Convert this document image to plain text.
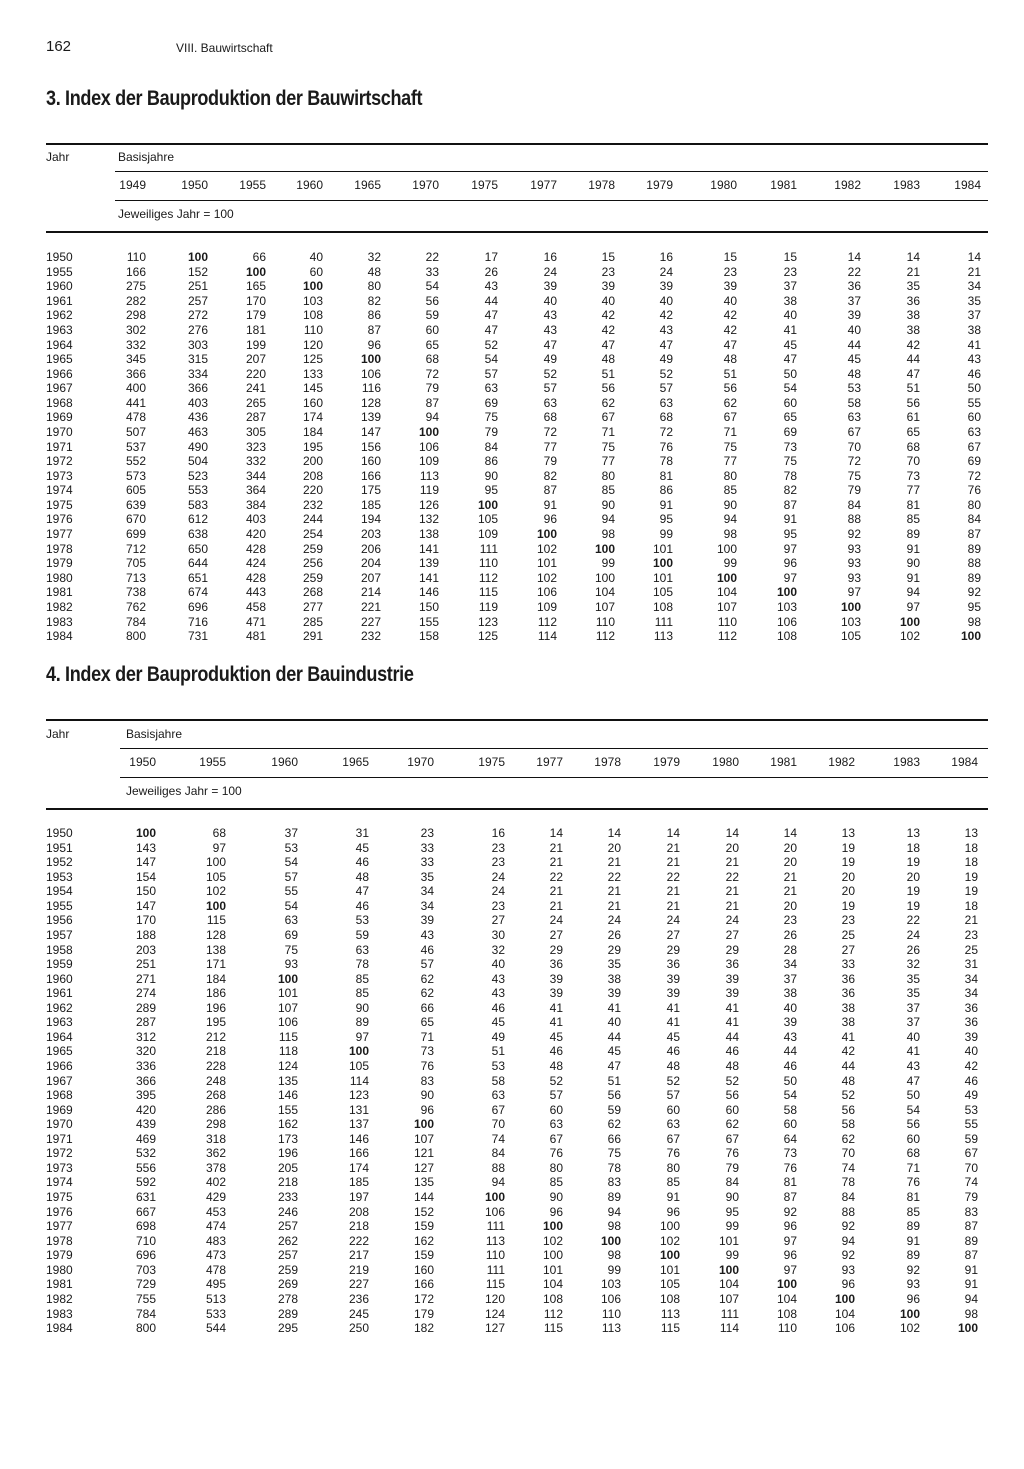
162	VIII. Bauwirtschaft
3. Index der Bauproduktion der Bauwirtschaft
Jahr	Basisjahre
Jeweiliges Jahr = 100
1949	1950	1955	1960	1965	1970	1975	1977	1978	1979	1980	1981	1982	1983	1984
1950	110	100	66	40	32	22	17	16	15	16	15	15	14	14	14
1955	166	152	100	60	48	33	26	24	23	24	23	23	22	21	21
1960	275	251	165	100	80	54	43	39	39	39	39	37	36	35	34
1961	282	257	170	103	82	56	44	40	40	40	40	38	37	36	35
1962	298	272	179	108	86	59	47	43	42	42	42	40	39	38	37
1963	302	276	181	110	87	60	47	43	42	43	42	41	40	38	38
1964	332	303	199	120	96	65	52	47	47	47	47	45	44	42	41
1965	345	315	207	125	100	68	54	49	48	49	48	47	45	44	43
1966	366	334	220	133	106	72	57	52	51	52	51	50	48	47	46
1967	400	366	241	145	116	79	63	57	56	57	56	54	53	51	50
1968	441	403	265	160	128	87	69	63	62	63	62	60	58	56	55
1969	478	436	287	174	139	94	75	68	67	68	67	65	63	61	60
1970	507	463	305	184	147	100	79	72	71	72	71	69	67	65	63
1971	537	490	323	195	156	106	84	77	75	76	75	73	70	68	67
1972	552	504	332	200	160	109	86	79	77	78	77	75	72	70	69
1973	573	523	344	208	166	113	90	82	80	81	80	78	75	73	72
1974	605	553	364	220	175	119	95	87	85	86	85	82	79	77	76
1975	639	583	384	232	185	126	100	91	90	91	90	87	84	81	80
1976	670	612	403	244	194	132	105	96	94	95	94	91	88	85	84
1977	699	638	420	254	203	138	109	100	98	99	98	95	92	89	87
1978	712	650	428	259	206	141	111	102	100	101	100	97	93	91	89
1979	705	644	424	256	204	139	110	101	99	100	99	96	93	90	88
1980	713	651	428	259	207	141	112	102	100	101	100	97	93	91	89
1981	738	674	443	268	214	146	115	106	104	105	104	100	97	94	92
1982	762	696	458	277	221	150	119	109	107	108	107	103	100	97	95
1983	784	716	471	285	227	155	123	112	110	111	110	106	103	100	98
1984	800	731	481	291	232	158	125	114	112	113	112	108	105	102	100
4. Index der Bauproduktion der Bauindustrie
Jahr	Basisjahre
Jeweiliges Jahr = 100
1950	1955	1960	1965	1970	1975	1977	1978	1979	1980	1981	1982	1983	1984
1950	100	68	37	31	23	16	14	14	14	14	14	13	13	13
1951	143	97	53	45	33	23	21	20	21	20	20	19	18	18
1952	147	100	54	46	33	23	21	21	21	21	20	19	19	18
1953	154	105	57	48	35	24	22	22	22	22	21	20	20	19
1954	150	102	55	47	34	24	21	21	21	21	21	20	19	19
1955	147	100	54	46	34	23	21	21	21	21	20	19	19	18
1956	170	115	63	53	39	27	24	24	24	24	23	23	22	21
1957	188	128	69	59	43	30	27	26	27	27	26	25	24	23
1958	203	138	75	63	46	32	29	29	29	29	28	27	26	25
1959	251	171	93	78	57	40	36	35	36	36	34	33	32	31
1960	271	184	100	85	62	43	39	38	39	39	37	36	35	34
1961	274	186	101	85	62	43	39	39	39	39	38	36	35	34
1962	289	196	107	90	66	46	41	41	41	41	40	38	37	36
1963	287	195	106	89	65	45	41	40	41	41	39	38	37	36
1964	312	212	115	97	71	49	45	44	45	44	43	41	40	39
1965	320	218	118	100	73	51	46	45	46	46	44	42	41	40
1966	336	228	124	105	76	53	48	47	48	48	46	44	43	42
1967	366	248	135	114	83	58	52	51	52	52	50	48	47	46
1968	395	268	146	123	90	63	57	56	57	56	54	52	50	49
1969	420	286	155	131	96	67	60	59	60	60	58	56	54	53
1970	439	298	162	137	100	70	63	62	63	62	60	58	56	55
1971	469	318	173	146	107	74	67	66	67	67	64	62	60	59
1972	532	362	196	166	121	84	76	75	76	76	73	70	68	67
1973	556	378	205	174	127	88	80	78	80	79	76	74	71	70
1974	592	402	218	185	135	94	85	83	85	84	81	78	76	74
1975	631	429	233	197	144	100	90	89	91	90	87	84	81	79
1976	667	453	246	208	152	106	96	94	96	95	92	88	85	83
1977	698	474	257	218	159	111	100	98	100	99	96	92	89	87
1978	710	483	262	222	162	113	102	100	102	101	97	94	91	89
1979	696	473	257	217	159	110	100	98	100	99	96	92	89	87
1980	703	478	259	219	160	111	101	99	101	100	97	93	92	91
1981	729	495	269	227	166	115	104	103	105	104	100	96	93	91
1982	755	513	278	236	172	120	108	106	108	107	104	100	96	94
1983	784	533	289	245	179	124	112	110	113	111	108	104	100	98
1984	800	544	295	250	182	127	115	113	115	114	110	106	102	100
